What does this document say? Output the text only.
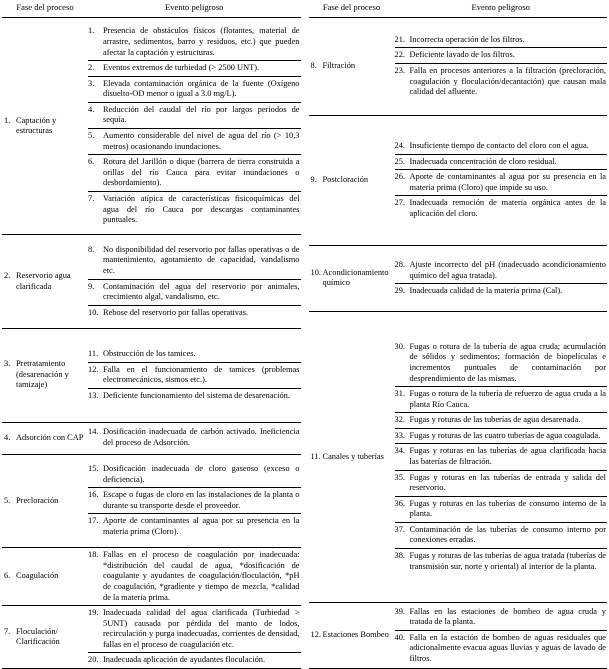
Fase del proceso	Evento peligroso
1. Captación y estructuras
1.	Presencia de obstáculos físicos (flotantes, material de arrastre, sedimentos, barro y residuos, etc.) que pueden afectar la captación y estructuras.
2.	Eventos extremos de turbiedad (> 2500 UNT).
3.	Elevada contaminación orgánica de la fuente (Oxígeno disuelto-OD menor o igual a 3.0 mg/L).
4.	Reducción del caudal del río por largos periodos de sequía.
5.	Aumento considerable del nivel de agua del río (> 10,3 metros) ocasionando inundaciones.
6.	Rotura del Jarillón o dique (barrera de tierra construida a orillas del río Cauca para evitar inundaciones o desbordamiento).
7.	Variación atípica de características fisicoquímicas del agua del río Cauca por descargas contaminantes puntuales.
2. Reservorio agua clarificada
8.	No disponibilidad del reservorio por fallas operativas o de mantenimiento, agotamiento de capacidad, vandalismo etc.
9.	Contaminación del agua del reservorio por animales, crecimiento algal, vandalismo, etc.
10. Rebose del reservorio por fallas operativas.
3. Pretratamiento (desarenación y tamizaje)
11. Obstrucción de los tamices.
12. Falla en el funcionamiento de tamices (problemas electromecánicos, sismos etc.).
13. Deficiente funcionamiento del sistema de desarenación.
4. Adsorción con CAP
14. Dosificación inadecuada de carbón activado. Ineficiencia del proceso de Adsorción.
5. Precloración
15. Dosificación inadecuada de cloro gaseoso (exceso o deficiencia).
16. Escape o fugas de cloro en las instalaciones de la planta o durante su transporte desde el proveedor.
17. Aporte de contaminantes al agua por su presencia en la materia prima (Cloro).
6. Coagulación
18. Fallas en el proceso de coagulación por inadecuada: *distribución del caudal de agua, *dosificación de coagulante y ayudantes de coagulación/floculación, *pH de coagulación, *gradiente y tiempo de mezcla, *calidad de la materia prima.
7. Floculación/ Clarificación
19. Inadecuada calidad del agua clarificada (Turbiedad > 5UNT) causada por pérdida del manto de lodos, recirculación y purga inadecuadas, corrientes de densidad, fallas en el proceso de coagulación etc.
20. Inadecuada aplicación de ayudantes floculación.
Fase del proceso	Evento peligroso
8. Filtración
21. Incorrecta operación de los filtros.
22. Deficiente lavado de los filtros.
23. Falla en procesos anteriores a la filtración (precloración, coagulación y floculación/decantación) que causan mala calidad del afluente.
9. Postcloración
24. Insuficiente tiempo de contacto del cloro con el agua.
25. Inadecuada concentración de cloro residual.
26. Aporte de contaminantes al agua por su presencia en la materia prima (Cloro) que impide su uso.
27. Inadecuada remoción de materia orgánica antes de la aplicación del cloro.
10. Acondicionamiento químico
28. Ajuste incorrecto del pH (inadecuado acondicionamiento químico del agua tratada).
29. Inadecuada calidad de la materia prima (Cal).
11. Canales y tuberías
30. Fugas o rotura de la tubería de agua cruda; acumulación de sólidos y sedimentos; formación de biopelículas e incrementos puntuales de contaminación por desprendimiento de las mismas.
31. Fugas o rotura de la tubería de refuerzo de agua cruda a la planta Río Cauca.
32. Fugas y roturas de las tuberías de agua desarenada.
33. Fugas y roturas de las cuatro tuberías de agua coagulada.
34. Fugas y roturas en las tuberías de agua clarificada hacia las baterías de filtración.
35. Fugas y roturas en las tuberías de entrada y salida del reservorio.
36. Fugas y roturas en las tuberías de consumo interno de la planta.
37. Contaminación de las tuberías de consumo interno por conexiones erradas.
38. Fugas y roturas de las tuberías de agua tratada (tuberías de transmisión sur, norte y oriental) al interior de la planta.
12. Estaciones Bombeo
39. Fallas en las estaciones de bombeo de agua cruda y tratada de la planta.
40. Falla en la estación de bombeo de aguas residuales que adicionalmente evacua aguas lluvias y aguas de lavado de filtros.
